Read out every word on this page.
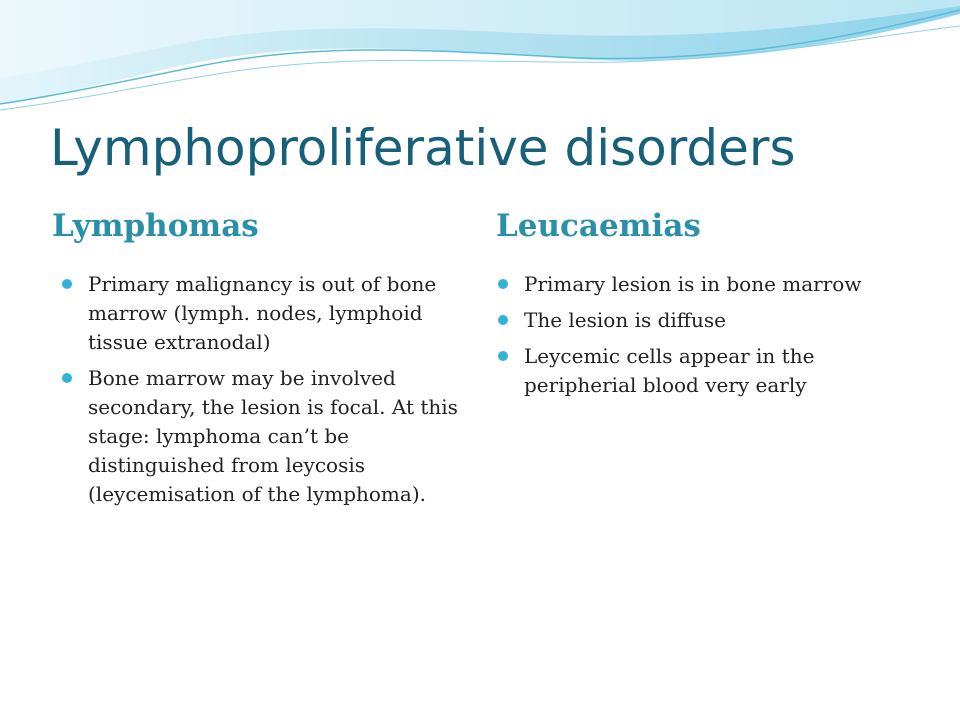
Lymphoproliferative disorders
Lymphomas	Leucaemias
Primary malignancy is out of bone marrow (lymph. nodes, lymphoid tissue extranodal)
Bone marrow may be involved secondary, the lesion is focal. At this stage: lymphoma can’t be distinguished from leycosis (leycemisation of the lymphoma).
Primary lesion is in bone marrow
The lesion is diffuse
Leycemic cells appear in the peripherial blood very early
